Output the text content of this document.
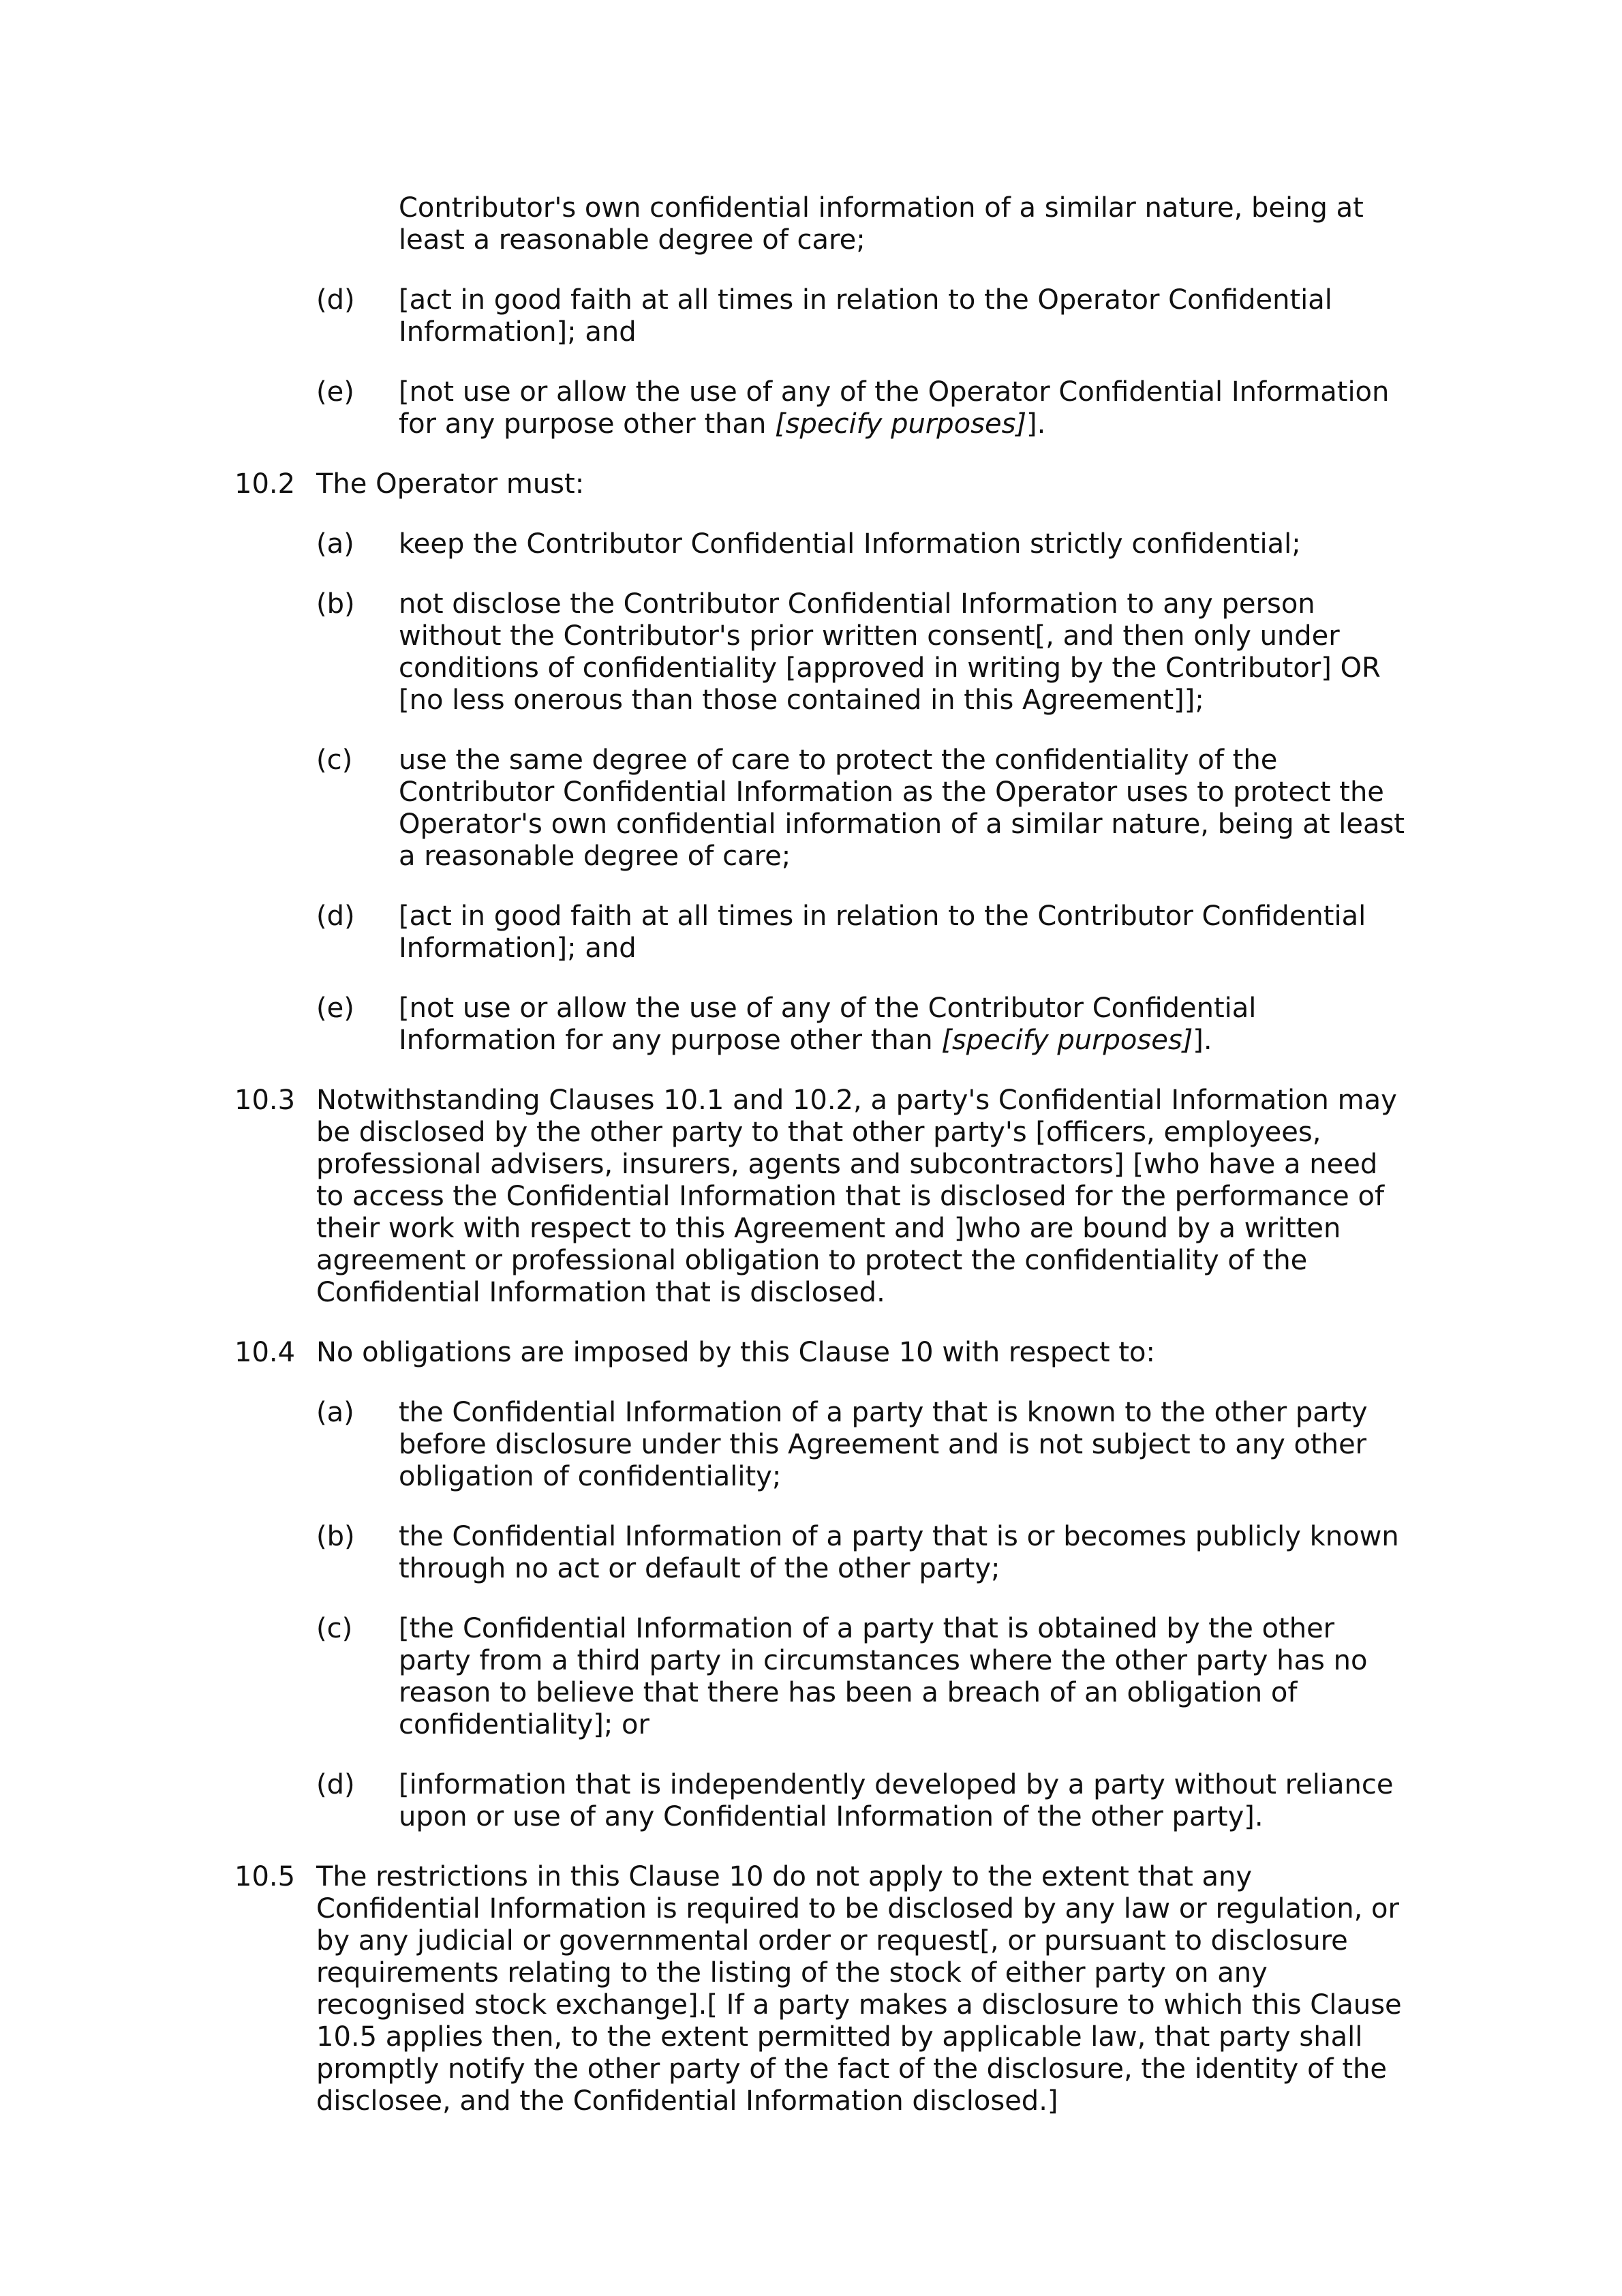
Contributor's own confidential information of a similar nature, being at least a reasonable degree of care;
(d) [act in good faith at all times in relation to the Operator Confidential Information]; and
(e) [not use or allow the use of any of the Operator Confidential Information for any purpose other than [specify purposes]].
10.2 The Operator must:
(a) keep the Contributor Confidential Information strictly confidential;
(b) not disclose the Contributor Confidential Information to any person without the Contributor's prior written consent[, and then only under conditions of confidentiality [approved in writing by the Contributor] OR [no less onerous than those contained in this Agreement]];
(c) use the same degree of care to protect the confidentiality of the Contributor Confidential Information as the Operator uses to protect the Operator's own confidential information of a similar nature, being at least a reasonable degree of care;
(d) [act in good faith at all times in relation to the Contributor Confidential Information]; and
(e) [not use or allow the use of any of the Contributor Confidential Information for any purpose other than [specify purposes]].
10.3 Notwithstanding Clauses 10.1 and 10.2, a party's Confidential Information may be disclosed by the other party to that other party's [officers, employees, professional advisers, insurers, agents and subcontractors] [who have a need to access the Confidential Information that is disclosed for the performance of their work with respect to this Agreement and ]who are bound by a written agreement or professional obligation to protect the confidentiality of the Confidential Information that is disclosed.
10.4 No obligations are imposed by this Clause 10 with respect to:
(a) the Confidential Information of a party that is known to the other party before disclosure under this Agreement and is not subject to any other obligation of confidentiality;
(b) the Confidential Information of a party that is or becomes publicly known through no act or default of the other party;
(c) [the Confidential Information of a party that is obtained by the other party from a third party in circumstances where the other party has no reason to believe that there has been a breach of an obligation of confidentiality]; or
(d) [information that is independently developed by a party without reliance upon or use of any Confidential Information of the other party].
10.5 The restrictions in this Clause 10 do not apply to the extent that any Confidential Information is required to be disclosed by any law or regulation, or by any judicial or governmental order or request[, or pursuant to disclosure requirements relating to the listing of the stock of either party on any recognised stock exchange].[ If a party makes a disclosure to which this Clause 10.5 applies then, to the extent permitted by applicable law, that party shall promptly notify the other party of the fact of the disclosure, the identity of the disclosee, and the Confidential Information disclosed.]
